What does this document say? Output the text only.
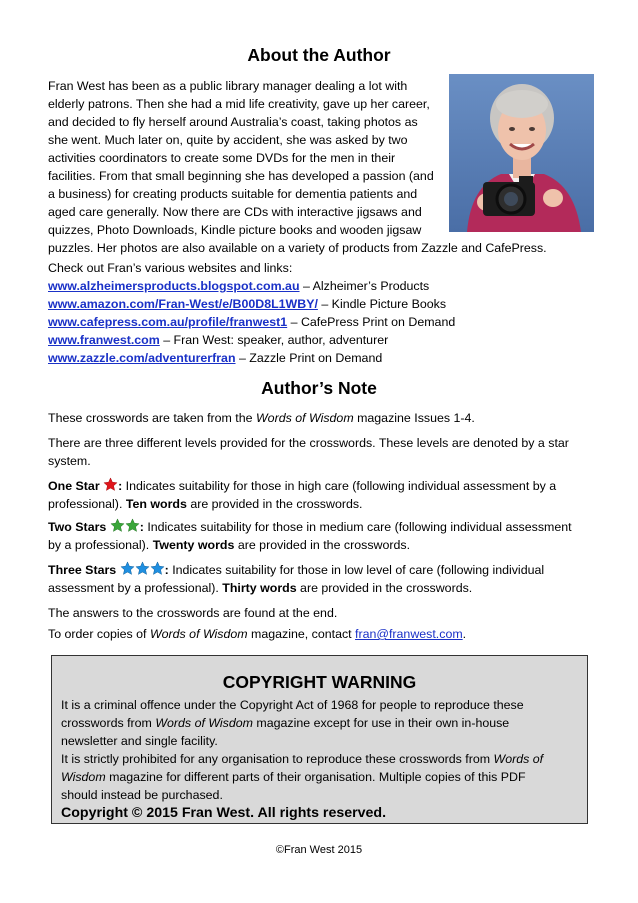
About the Author
Fran West has been as a public library manager dealing a lot with
elderly patrons. Then she had a mid life creativity, gave up her career,
and decided to fly herself around Australia’s coast, taking photos as
she went. Much later on, quite by accident, she was asked by two
activities coordinators to create some DVDs for the men in their
facilities. From that small beginning she has developed a passion (and
a business) for creating products suitable for dementia patients and
aged care generally. Now there are CDs with interactive jigsaws and
quizzes, Photo Downloads, Kindle picture books and wooden jigsaw
puzzles. Her photos are also available on a variety of products from Zazzle and CafePress.
Check out Fran’s various websites and links:
www.alzheimersproducts.blogspot.com.au – Alzheimer’s Products
www.amazon.com/Fran-West/e/B00D8L1WBY/ – Kindle Picture Books
www.cafepress.com.au/profile/franwest1 – CafePress Print on Demand
www.franwest.com – Fran West: speaker, author, adventurer
www.zazzle.com/adventurerfran – Zazzle Print on Demand
Author’s Note
These crosswords are taken from the Words of Wisdom magazine Issues 1-4.
There are three different levels provided for the crosswords. These levels are denoted by a star
system.
One Star : Indicates suitability for those in high care (following individual assessment by a
professional). Ten words are provided in the crosswords.
Two Stars : Indicates suitability for those in medium care (following individual assessment
by a professional). Twenty words are provided in the crosswords.
Three Stars	: Indicates suitability for those in low level of care (following individual
assessment by a professional). Thirty words are provided in the crosswords.
The answers to the crosswords are found at the end.
To order copies of Words of Wisdom magazine, contact fran@franwest.com.
COPYRIGHT WARNING
It is a criminal offence under the Copyright Act of 1968 for people to reproduce these
crosswords from Words of Wisdom magazine except for use in their own in-house
newsletter and single facility.
It is strictly prohibited for any organisation to reproduce these crosswords from Words of
Wisdom magazine for different parts of their organisation. Multiple copies of this PDF
should instead be purchased.
Copyright © 2015 Fran West. All rights reserved.
©Fran West 2015
